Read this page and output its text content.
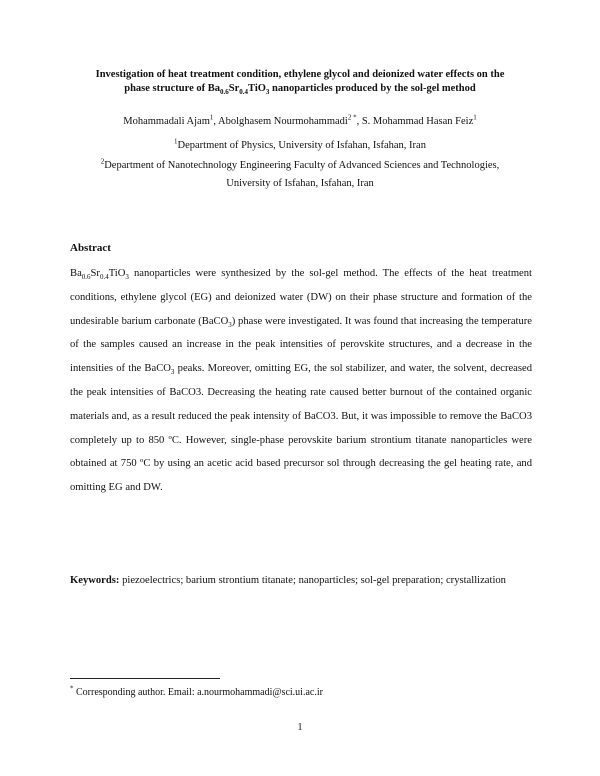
Investigation of heat treatment condition, ethylene glycol and deionized water effects on the
phase structure of $Ba_{0.6}Sr_{0.4}TiO_3$ nanoparticles produced by the sol-gel method
Mohammadali Ajam$^1$, Abolghasem Nourmohammadi$^{2 *}$, S. Mohammad Hasan Feiz$^1$
$^1$Department of Physics, University of Isfahan, Isfahan, Iran
$^2$Department of Nanotechnology Engineering Faculty of Advanced Sciences and Technologies,
University of Isfahan, Isfahan, Iran
Abstract
$Ba_{0.6}Sr_{0.4}TiO_3$ nanoparticles were synthesized by the sol-gel method. The effects of the heat treatment conditions, ethylene glycol (EG) and deionized water (DW) on their phase structure and formation of the undesirable barium carbonate (BaCO$_3$) phase were investigated. It was found that increasing the temperature of the samples caused an increase in the peak intensities of perovskite structures, and a decrease in the intensities of the BaCO$_3$ peaks. Moreover, omitting EG, the sol stabilizer, and water, the solvent, decreased the peak intensities of BaCO3. Decreasing the heating rate caused better burnout of the contained organic materials and, as a result reduced the peak intensity of BaCO3. But, it was impossible to remove the BaCO3 completely up to 850 ºC. However, single-phase perovskite barium strontium titanate nanoparticles were obtained at 750 ºC by using an acetic acid based precursor sol through decreasing the gel heating rate, and omitting EG and DW.
Keywords: piezoelectrics; barium strontium titanate; nanoparticles; sol-gel preparation; crystallization
* Corresponding author. Email: a.nourmohammadi@sci.ui.ac.ir
1
